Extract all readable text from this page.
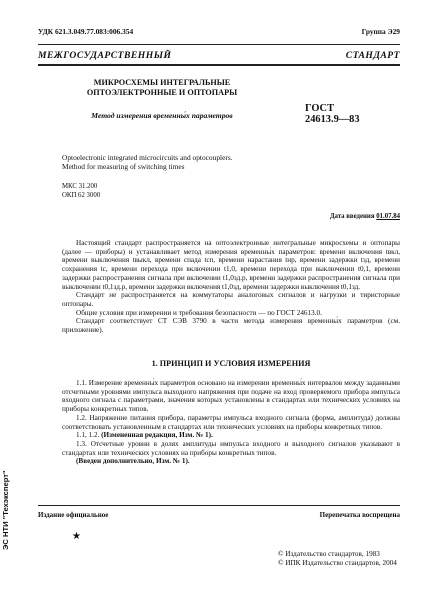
УДК 621.3.049.77.083:006.354	Группа Э29
МЕЖГОСУДАРСТВЕННЫЙ СТАНДАРТ
МИКРОСХЕМЫ ИНТЕГРАЛЬНЫЕ
ОПТОЭЛЕКТРОННЫЕ И ОПТОПАРЫ
Метод измерения временны́х параметров
ГОСТ
24613.9—83
Optoelectronic integrated microcircuits and optocouplers.
Method for measuring of switching times
МКС 31.200
ОКП 62 3000
Дата введения 01.07.84

Настоящий стандарт распространяется на оптоэлектронные интегральные микросхемы и оптопары (далее — приборы) и устанавливает метод измерения временны́х параметров: времени включения tвкл, времени выключения tвыкл, времени спада tсп, времени нарастания tнр, времени задержки tзд, времени сохранения tс, времени перехода при включении t1,0, времени перехода при выключении t0,1, времени задержки распространения сигнала при включении t1,0зд.р, времени задержки распространения сигнала при выключении t0,1зд.р, времени задержки включения t1,0зд, времени задержки выключения t0,1зд.

Стандарт не распространяется на коммутаторы аналоговых сигналов и нагрузки и тиристорные оптопары.

Общие условия при измерении и требования безопасности — по ГОСТ 24613.0.

Стандарт соответствует СТ СЭВ 3790 в части метода измерения временны́х параметров (см. приложение).

1. ПРИНЦИП И УСЛОВИЯ ИЗМЕРЕНИЯ

1.1. Измерение временны́х параметров основано на измерении временны́х интервалов между заданными отсчетными уровнями импульса выходного напряжения при подаче на вход проверяемого прибора импульса входного сигнала с параметрами, значения которых установлены в стандартах или технических условиях на приборы конкретных типов.

1.2. Напряжение питания прибора, параметры импульса входного сигнала (форма, амплитуда) должны соответствовать установленным в стандартах или технических условиях на приборы конкретных типов.

1.1, 1.2. (Измененная редакция, Изм. № 1).

1.3. Отсчетные уровни в долях амплитуды импульса входного и выходного сигналов указывают в стандартах или технических условиях на приборы конкретных типов.

(Введен дополнительно, Изм. № 1).

Издание официальное	Перепечатка воспрещена
★
© Издательство стандартов, 1983
© ИПК Издательство стандартов, 2004
ЭС НТИ "Техэксперт"
